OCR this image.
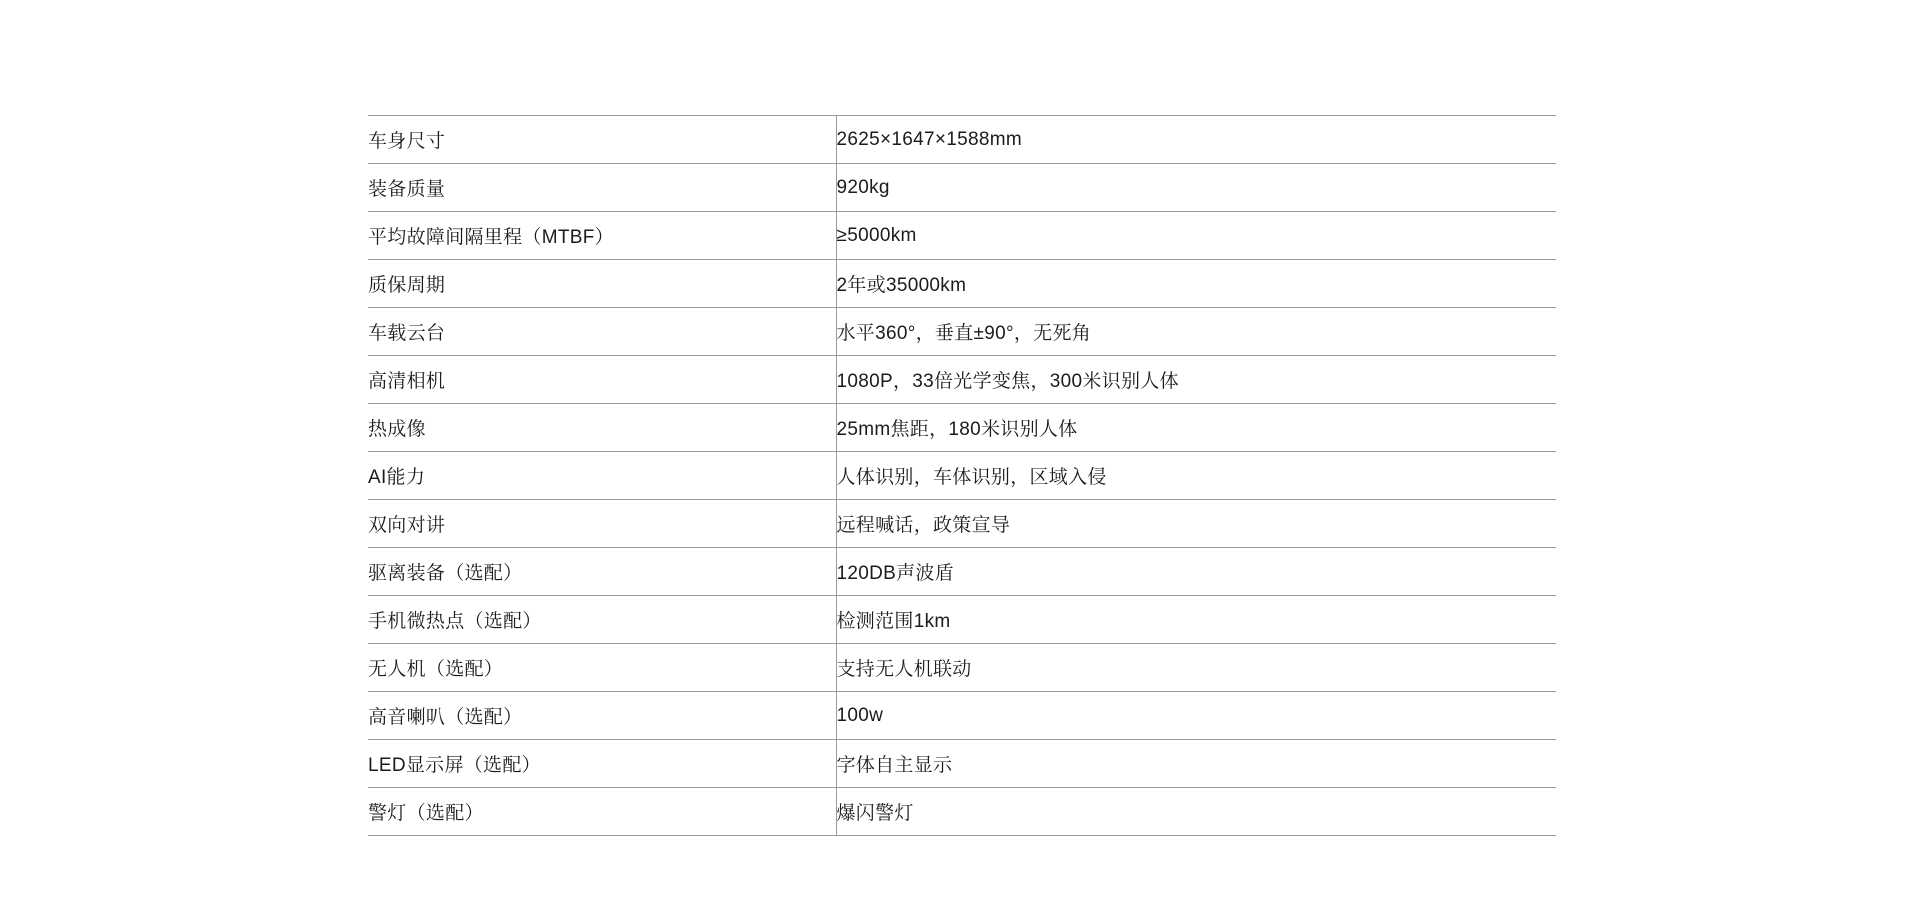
车身尺寸	2625×1647×1588mm
装备质量	920kg
平均故障间隔里程（MTBF）	≥5000km
质保周期	2年或35000km
车载云台	水平360°，垂直±90°，无死角
高清相机	1080P，33倍光学变焦，300米识别人体
热成像	25mm焦距，180米识别人体
AI能力	人体识别，车体识别，区域入侵
双向对讲	远程喊话，政策宣导
驱离装备（选配）	120DB声波盾
手机微热点（选配）	检测范围1km
无人机（选配）	支持无人机联动
高音喇叭（选配）	100w
LED显示屏（选配）	字体自主显示
警灯（选配）	爆闪警灯
